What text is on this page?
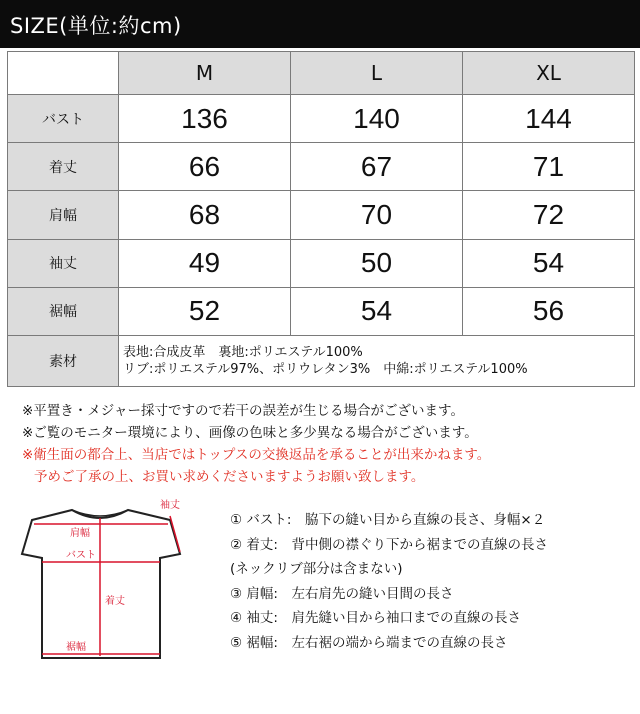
SIZE(単位:約cm)
	M	L	XL
バスト	136	140	144
着丈	66	67	71
肩幅	68	70	72
袖丈	49	50	54
裾幅	52	54	56
素材	表地:合成皮革　裏地:ポリエステル100%
リブ:ポリエステル97%、ポリウレタン3%　中綿:ポリエステル100%		
※平置き・メジャー採寸ですので若干の誤差が生じる場合がございます。
※ご覧のモニター環境により、画像の色味と多少異なる場合がございます。
※衛生面の都合上、当店ではトップスの交換返品を承ることが出来かねます。
予めご了承の上、お買い求めくださいますようお願い致します。
肩幅
袖丈
バスト
着丈
裾幅
① バスト:　脇下の縫い目から直線の長さ、身幅×２
② 着丈:　背中側の襟ぐり下から裾までの直線の長さ
(ネックリブ部分は含まない)
③ 肩幅:　左右肩先の縫い目間の長さ
④ 袖丈:　肩先縫い目から袖口までの直線の長さ
⑤ 裾幅:　左右裾の端から端までの直線の長さ
